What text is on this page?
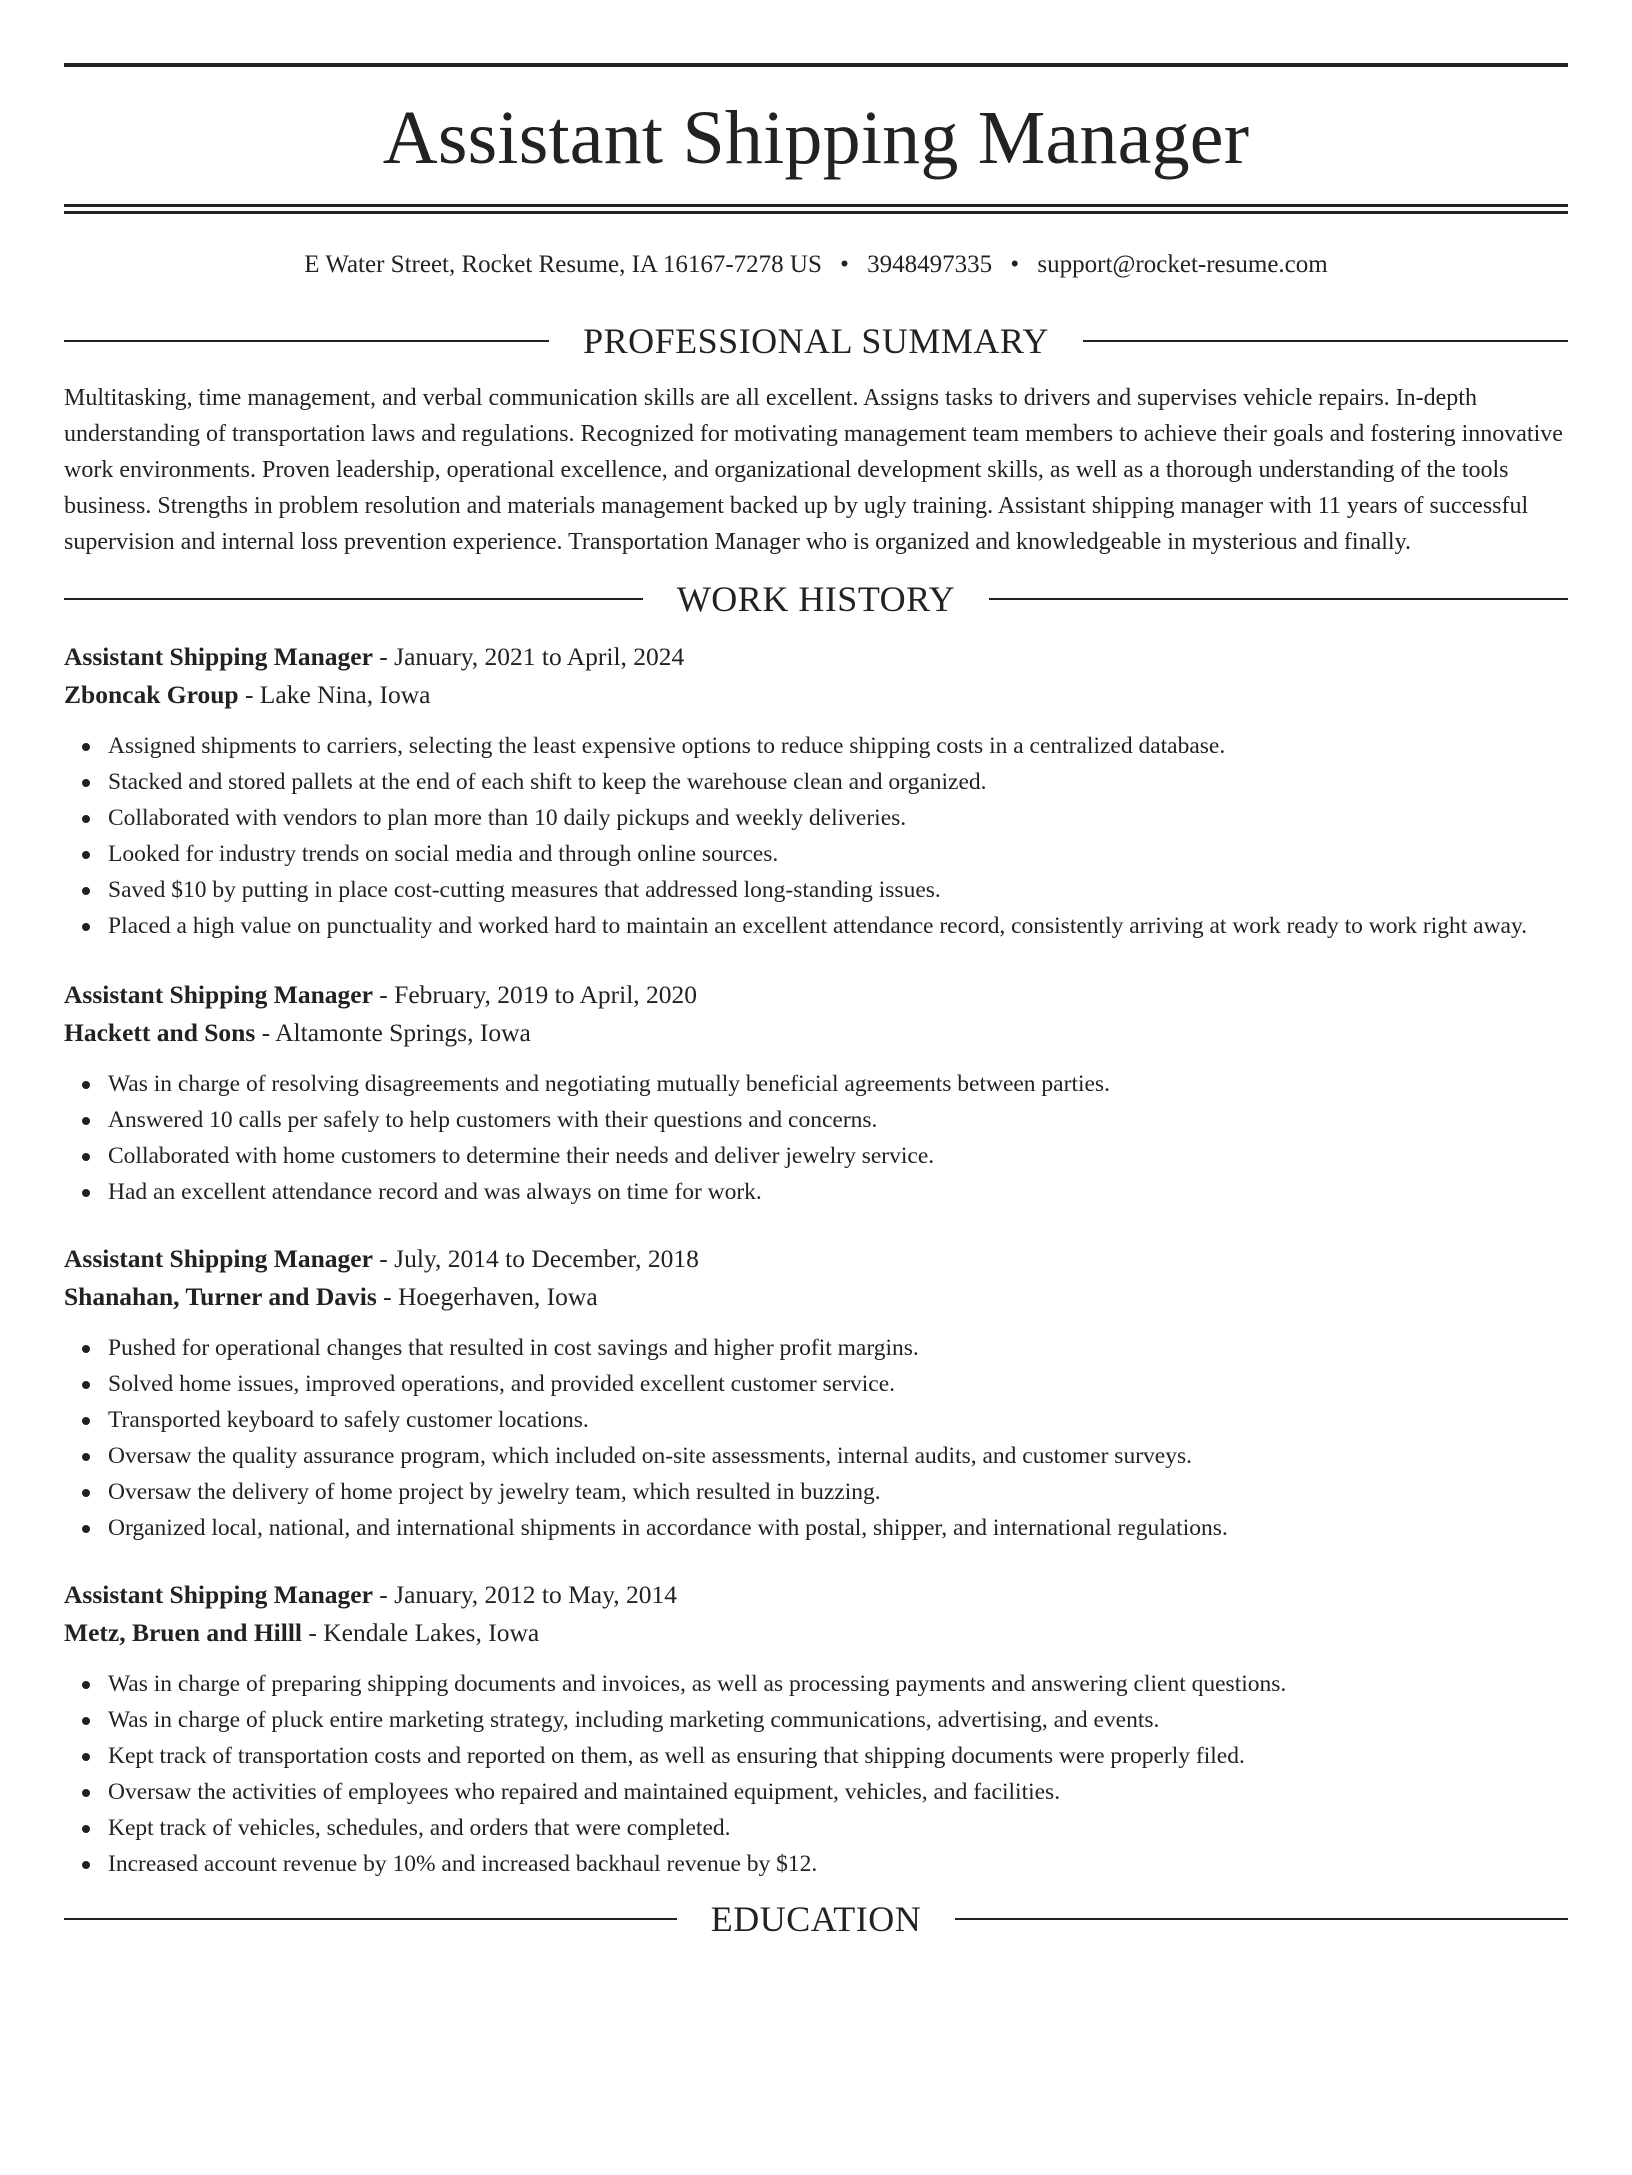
Assistant Shipping Manager
E Water Street, Rocket Resume, IA 16167-7278 US • 3948497335 • support@rocket-resume.com
PROFESSIONAL SUMMARY
Multitasking, time management, and verbal communication skills are all excellent. Assigns tasks to drivers and supervises vehicle repairs. In-depth understanding of transportation laws and regulations. Recognized for motivating management team members to achieve their goals and fostering innovative work environments. Proven leadership, operational excellence, and organizational development skills, as well as a thorough understanding of the tools business. Strengths in problem resolution and materials management backed up by ugly training. Assistant shipping manager with 11 years of successful supervision and internal loss prevention experience. Transportation Manager who is organized and knowledgeable in mysterious and finally.
WORK HISTORY
Assistant Shipping Manager - January, 2021 to April, 2024
Zboncak Group - Lake Nina, Iowa
Assigned shipments to carriers, selecting the least expensive options to reduce shipping costs in a centralized database.
Stacked and stored pallets at the end of each shift to keep the warehouse clean and organized.
Collaborated with vendors to plan more than 10 daily pickups and weekly deliveries.
Looked for industry trends on social media and through online sources.
Saved $10 by putting in place cost-cutting measures that addressed long-standing issues.
Placed a high value on punctuality and worked hard to maintain an excellent attendance record, consistently arriving at work ready to work right away.
Assistant Shipping Manager - February, 2019 to April, 2020
Hackett and Sons - Altamonte Springs, Iowa
Was in charge of resolving disagreements and negotiating mutually beneficial agreements between parties.
Answered 10 calls per safely to help customers with their questions and concerns.
Collaborated with home customers to determine their needs and deliver jewelry service.
Had an excellent attendance record and was always on time for work.
Assistant Shipping Manager - July, 2014 to December, 2018
Shanahan, Turner and Davis - Hoegerhaven, Iowa
Pushed for operational changes that resulted in cost savings and higher profit margins.
Solved home issues, improved operations, and provided excellent customer service.
Transported keyboard to safely customer locations.
Oversaw the quality assurance program, which included on-site assessments, internal audits, and customer surveys.
Oversaw the delivery of home project by jewelry team, which resulted in buzzing.
Organized local, national, and international shipments in accordance with postal, shipper, and international regulations.
Assistant Shipping Manager - January, 2012 to May, 2014
Metz, Bruen and Hilll - Kendale Lakes, Iowa
Was in charge of preparing shipping documents and invoices, as well as processing payments and answering client questions.
Was in charge of pluck entire marketing strategy, including marketing communications, advertising, and events.
Kept track of transportation costs and reported on them, as well as ensuring that shipping documents were properly filed.
Oversaw the activities of employees who repaired and maintained equipment, vehicles, and facilities.
Kept track of vehicles, schedules, and orders that were completed.
Increased account revenue by 10% and increased backhaul revenue by $12.
EDUCATION
